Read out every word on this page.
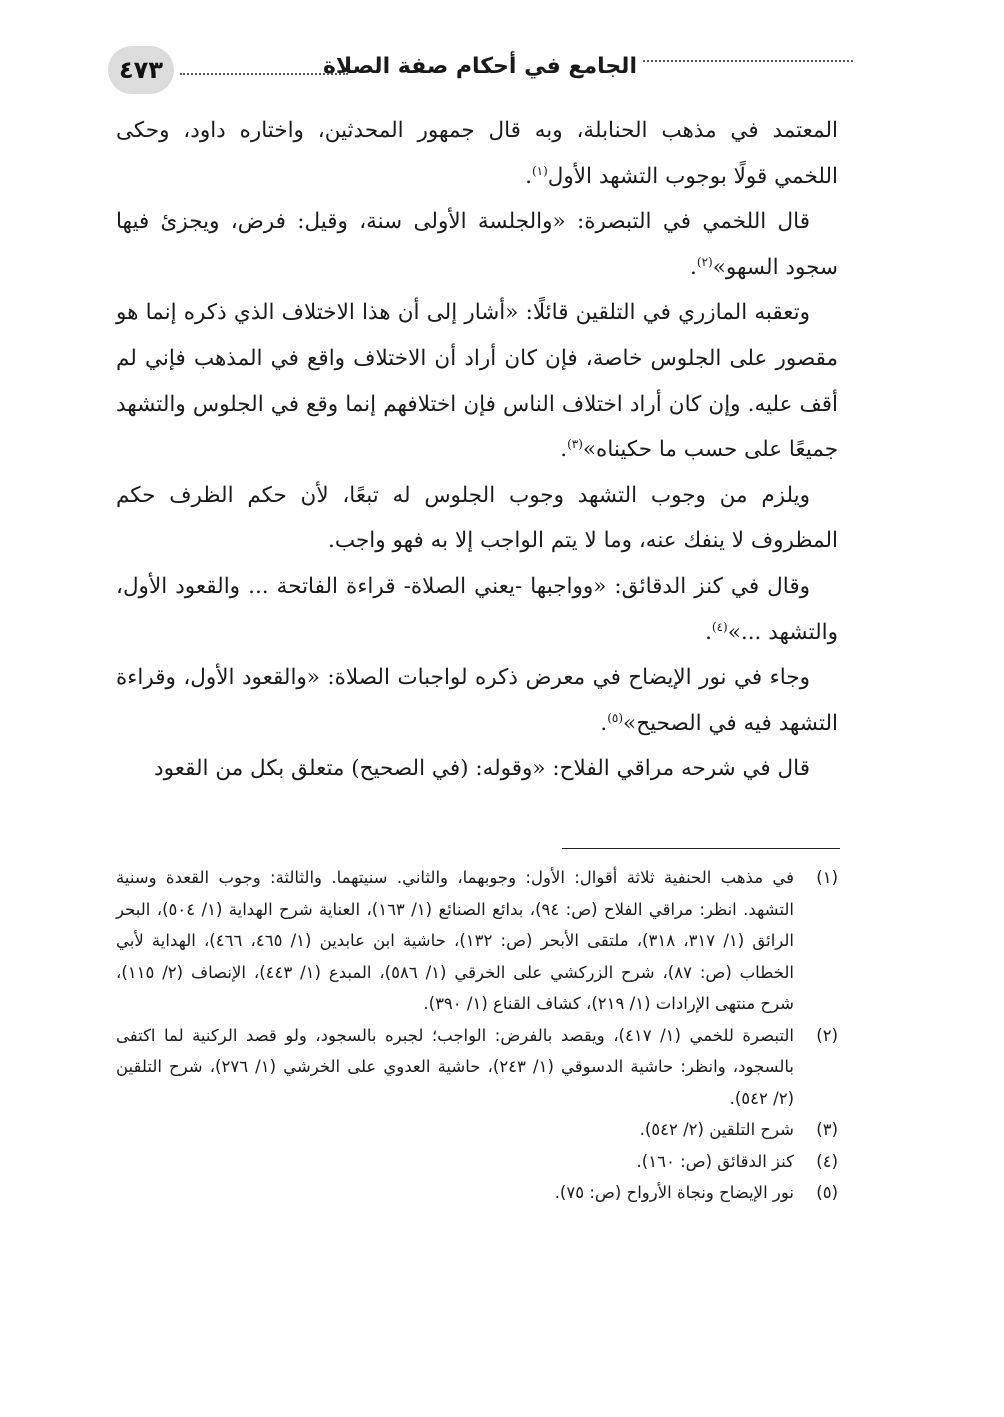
الجامع في أحكام صفة الصلاة
٤٧٣

المعتمد في مذهب الحنابلة، وبه قال جمهور المحدثين، واختاره داود، وحكى اللخمي قولًا بوجوب التشهد الأول$^{(١)}$.

قال اللخمي في التبصرة: «والجلسة الأولى سنة، وقيل: فرض، ويجزئ فيها سجود السهو»$^{(٢)}$.

وتعقبه المازري في التلقين قائلًا: «أشار إلى أن هذا الاختلاف الذي ذكره إنما هو مقصور على الجلوس خاصة، فإن كان أراد أن الاختلاف واقع في المذهب فإني لم أقف عليه. وإن كان أراد اختلاف الناس فإن اختلافهم إنما وقع في الجلوس والتشهد جميعًا على حسب ما حكيناه»$^{(٣)}$.

ويلزم من وجوب التشهد وجوب الجلوس له تبعًا، لأن حكم الظرف حكم المظروف لا ينفك عنه، وما لا يتم الواجب إلا به فهو واجب.

وقال في كنز الدقائق: «وواجبها -يعني الصلاة- قراءة الفاتحة ... والقعود الأول، والتشهد ...»$^{(٤)}$.

وجاء في نور الإيضاح في معرض ذكره لواجبات الصلاة: «والقعود الأول، وقراءة التشهد فيه في الصحيح»$^{(٥)}$.

قال في شرحه مراقي الفلاح: «وقوله: (في الصحيح) متعلق بكل من القعود

(١)
في مذهب الحنفية ثلاثة أقوال: الأول: وجوبهما، والثاني. سنيتهما. والثالثة: وجوب القعدة وسنية التشهد. انظر: مراقي الفلاح (ص: ٩٤)، بدائع الصنائع (١/ ١٦٣)، العناية شرح الهداية (١/ ٥٠٤)، البحر الرائق (١/ ٣١٧، ٣١٨)، ملتقى الأبحر (ص: ١٣٢)، حاشية ابن عابدين (١/ ٤٦٥، ٤٦٦)، الهداية لأبي الخطاب (ص: ٨٧)، شرح الزركشي على الخرقي (١/ ٥٨٦)، المبدع (١/ ٤٤٣)، الإنصاف (٢/ ١١٥)، شرح منتهى الإرادات (١/ ٢١٩)، كشاف القناع (١/ ٣٩٠).
(٢)
التبصرة للخمي (١/ ٤١٧)، ويقصد بالفرض: الواجب؛ لجبره بالسجود، ولو قصد الركنية لما اكتفى بالسجود، وانظر: حاشية الدسوقي (١/ ٢٤٣)، حاشية العدوي على الخرشي (١/ ٢٧٦)، شرح التلقين (٢/ ٥٤٢).
(٣)
شرح التلقين (٢/ ٥٤٢).
(٤)
كنز الدقائق (ص: ١٦٠).
(٥)
نور الإيضاح ونجاة الأرواح (ص: ٧٥).
